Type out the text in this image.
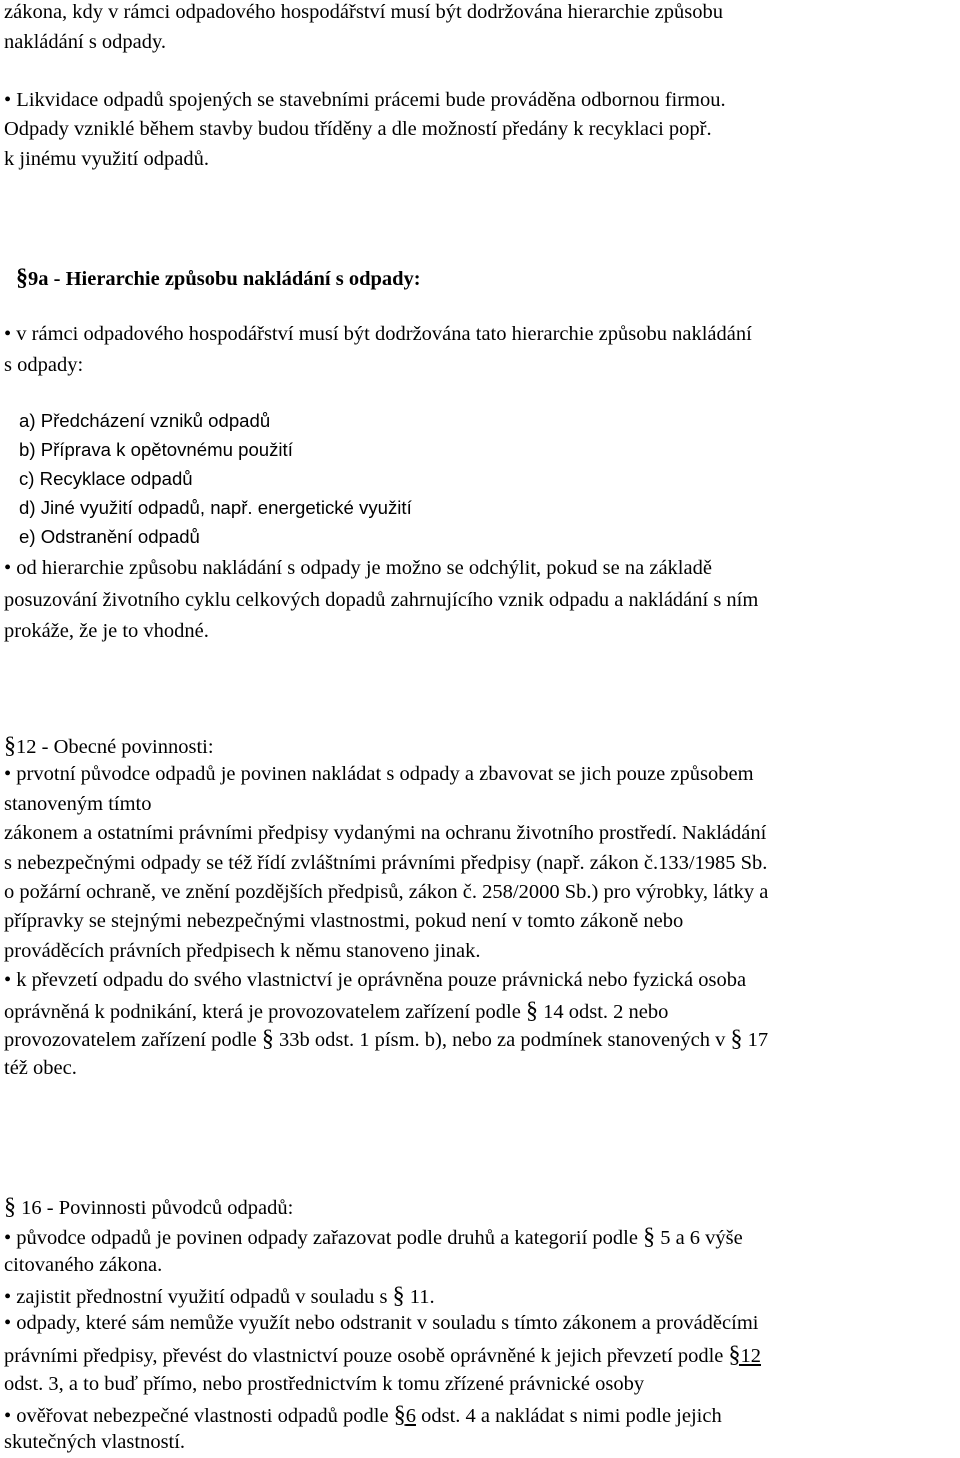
zákona, kdy v rámci odpadového hospodářství musí být dodržována hierarchie způsobu
nakládání s odpady.
• Likvidace odpadů spojených se stavebními prácemi bude prováděna odbornou firmou.
Odpady vzniklé během stavby budou tříděny a dle možností předány k recyklaci popř.
k jinému využití odpadů.
§9a - Hierarchie způsobu nakládání s odpady:
• v rámci odpadového hospodářství musí být dodržována tato hierarchie způsobu nakládání
s odpady:
a) Předcházení vzniků odpadů
b) Příprava k opětovnému použití
c) Recyklace odpadů
d) Jiné využití odpadů, např. energetické využití
e) Odstranění odpadů
• od hierarchie způsobu nakládání s odpady je možno se odchýlit, pokud se na základě
posuzování životního cyklu celkových dopadů zahrnujícího vznik odpadu a nakládání s ním
prokáže, že je to vhodné.
§12 - Obecné povinnosti:
• prvotní původce odpadů je povinen nakládat s odpady a zbavovat se jich pouze způsobem
stanoveným tímto
zákonem a ostatními právními předpisy vydanými na ochranu životního prostředí. Nakládání
s nebezpečnými odpady se též řídí zvláštními právními předpisy (např. zákon č.133/1985 Sb.
o požární ochraně, ve znění pozdějších předpisů, zákon č. 258/2000 Sb.) pro výrobky, látky a
přípravky se stejnými nebezpečnými vlastnostmi, pokud není v tomto zákoně nebo
prováděcích právních předpisech k němu stanoveno jinak.
• k převzetí odpadu do svého vlastnictví je oprávněna pouze právnická nebo fyzická osoba
oprávněná k podnikání, která je provozovatelem zařízení podle § 14 odst. 2 nebo
provozovatelem zařízení podle § 33b odst. 1 písm. b), nebo za podmínek stanovených v § 17
též obec.
§ 16 - Povinnosti původců odpadů:
• původce odpadů je povinen odpady zařazovat podle druhů a kategorií podle § 5 a 6 výše
citovaného zákona.
• zajistit přednostní využití odpadů v souladu s § 11.
• odpady, které sám nemůže využít nebo odstranit v souladu s tímto zákonem a prováděcími
právními předpisy, převést do vlastnictví pouze osobě oprávněné k jejich převzetí podle §12
odst. 3, a to buď přímo, nebo prostřednictvím k tomu zřízené právnické osoby
• ověřovat nebezpečné vlastnosti odpadů podle §6 odst. 4 a nakládat s nimi podle jejich
skutečných vlastností.
